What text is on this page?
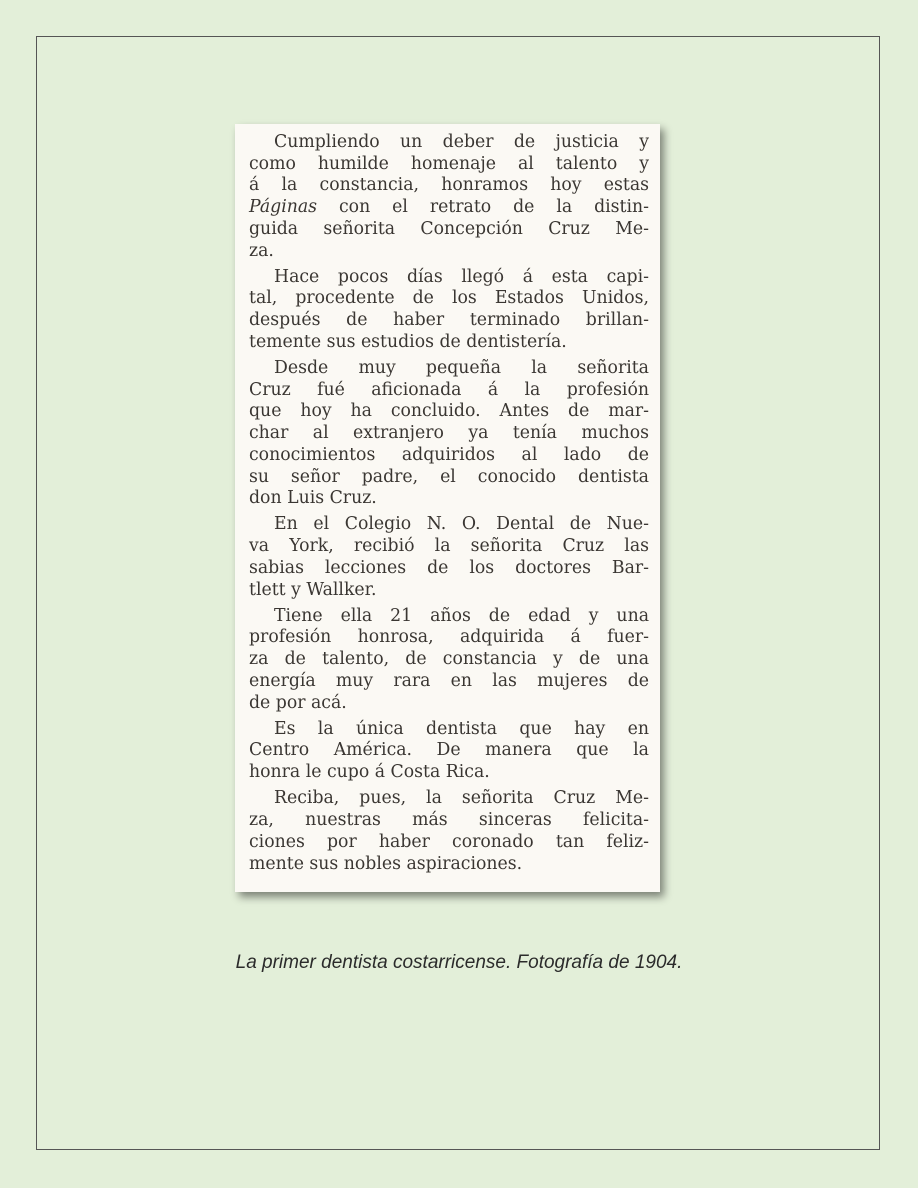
Cumpliendo un deber de justicia y
como humilde homenaje al talento y
á la constancia, honramos hoy estas
Páginas con el retrato de la distin-
guida señorita Concepción Cruz Me-
za.
Hace pocos días llegó á esta capi-
tal, procedente de los Estados Unidos,
después de haber terminado brillan-
temente sus estudios de dentistería.
Desde muy pequeña la señorita
Cruz fué aficionada á la profesión
que hoy ha concluido. Antes de mar-
char al extranjero ya tenía muchos
conocimientos adquiridos al lado de
su señor padre, el conocido dentista
don Luis Cruz.
En el Colegio N. O. Dental de Nue-
va York, recibió la señorita Cruz las
sabias lecciones de los doctores Bar-
tlett y Wallker.
Tiene ella 21 años de edad y una
profesión honrosa, adquirida á fuer-
za de talento, de constancia y de una
energía muy rara en las mujeres de
de por acá.
Es la única dentista que hay en
Centro América. De manera que la
honra le cupo á Costa Rica.
Reciba, pues, la señorita Cruz Me-
za, nuestras más sinceras felicita-
ciones por haber coronado tan feliz-
mente sus nobles aspiraciones.
La primer dentista costarricense. Fotografía de 1904.
